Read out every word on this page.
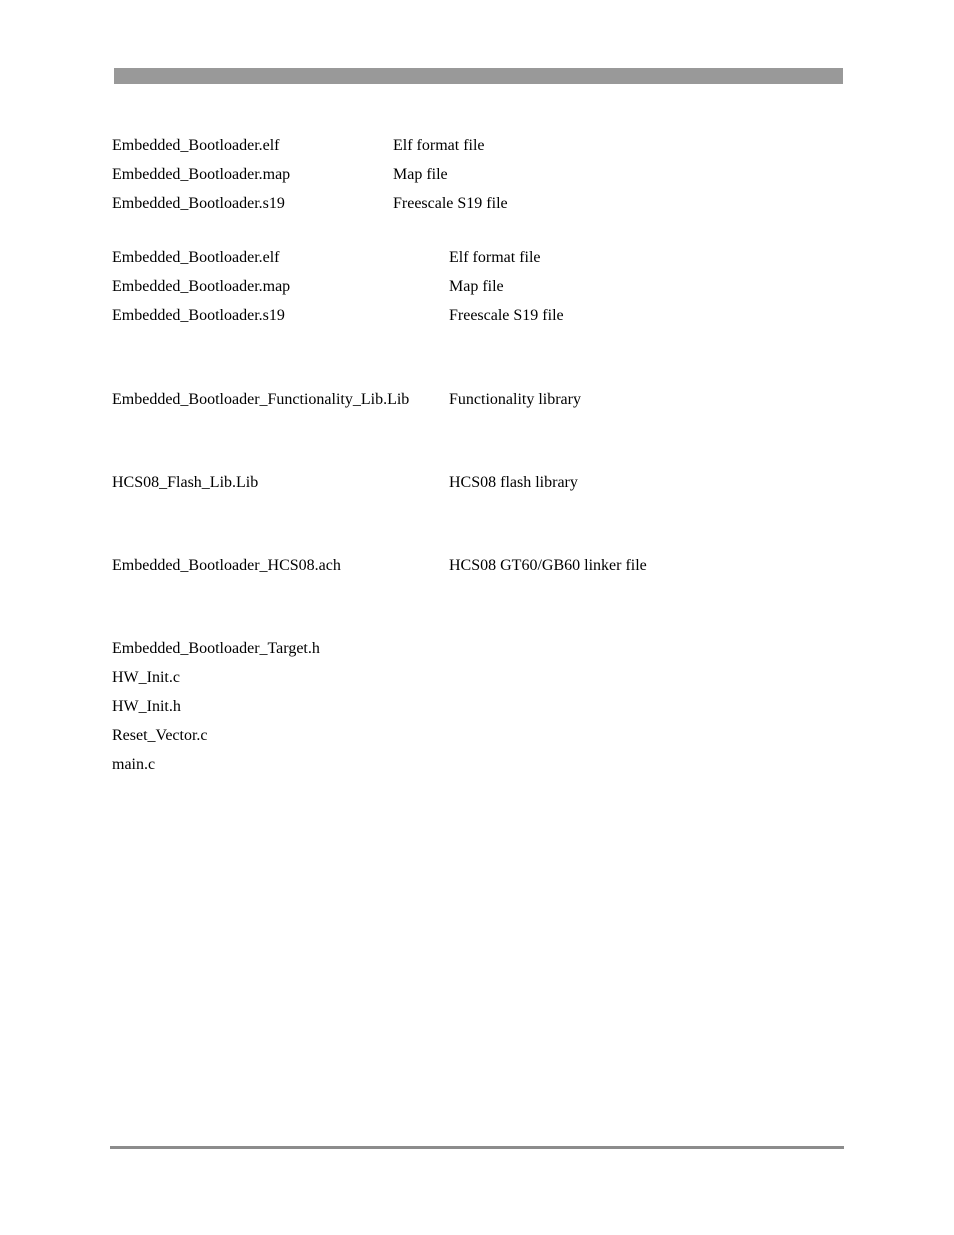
Embedded_Bootloader.elf	Elf format file
Embedded_Bootloader.map	Map file
Embedded_Bootloader.s19	Freescale S19 file
Embedded_Bootloader.elf	Elf format file
Embedded_Bootloader.map	Map file
Embedded_Bootloader.s19	Freescale S19 file
Embedded_Bootloader_Functionality_Lib.Lib Functionality library
HCS08_Flash_Lib.Lib	HCS08 flash library
Embedded_Bootloader_HCS08.ach	HCS08 GT60/GB60 linker file
Embedded_Bootloader_Target.h
HW_Init.c
HW_Init.h
Reset_Vector.c
main.c
